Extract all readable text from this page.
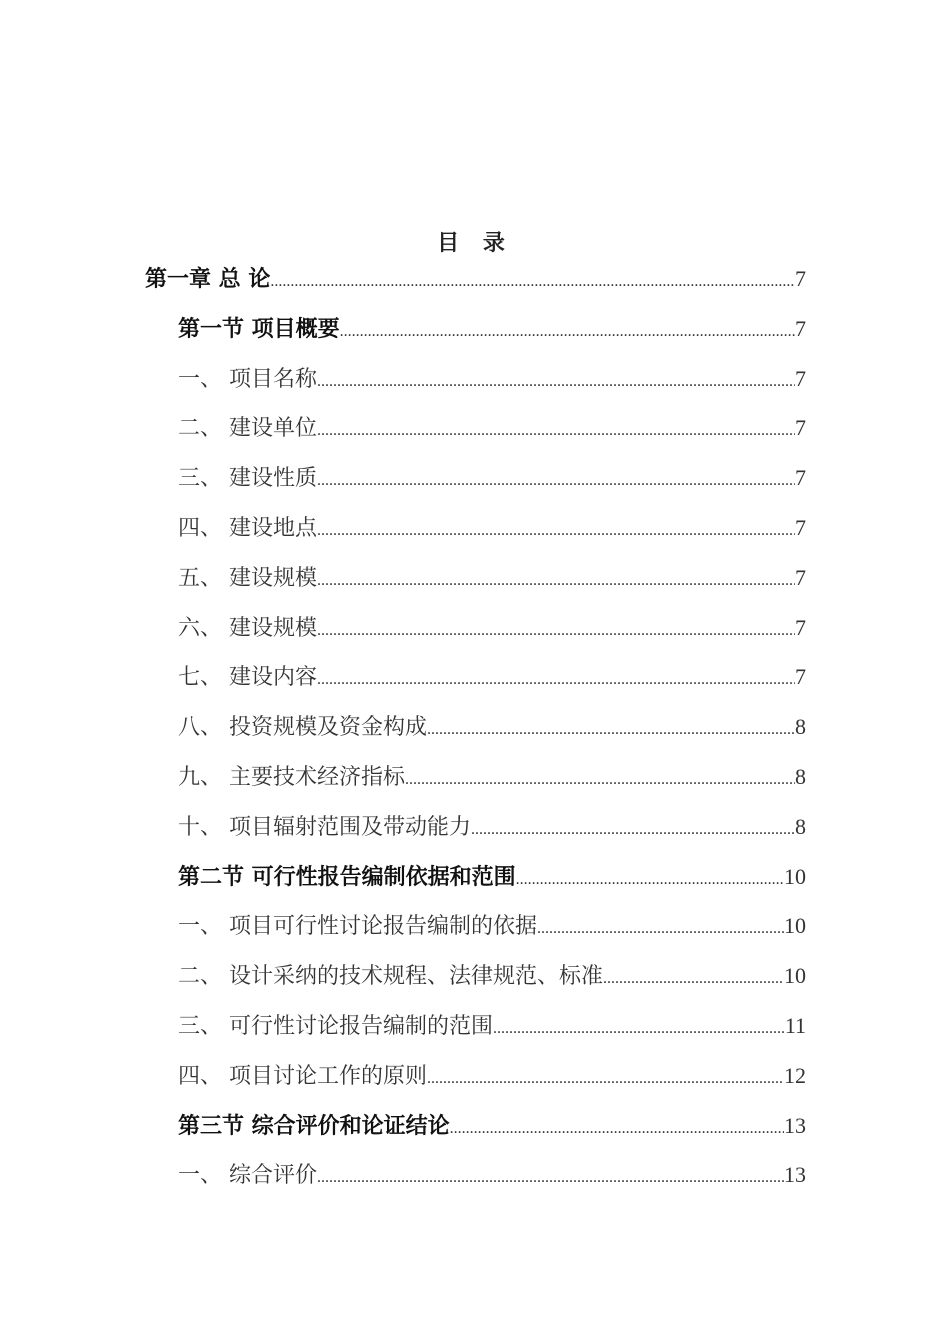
目 录
第一章 总 论 .....	7
第一节 项目概要 .....	7
一、 项目名称 .....	7
二、 建设单位 .....	7
三、 建设性质 .....	7
四、 建设地点 .....	7
五、 建设规模 .....	7
六、 建设规模 .....	7
七、 建设内容 .....	7
八、 投资规模及资金构成 .....	8
九、 主要技术经济指标 .....	8
十、 项目辐射范围及带动能力 .....	8
第二节 可行性报告编制依据和范围 .....	10
一、 项目可行性讨论报告编制的依据 .....	10
二、 设计采纳的技术规程、法律规范、标准 .....	10
三、 可行性讨论报告编制的范围 .....	11
四、 项目讨论工作的原则 .....	12
第三节 综合评价和论证结论 .....	13
一、 综合评价 .....	13
